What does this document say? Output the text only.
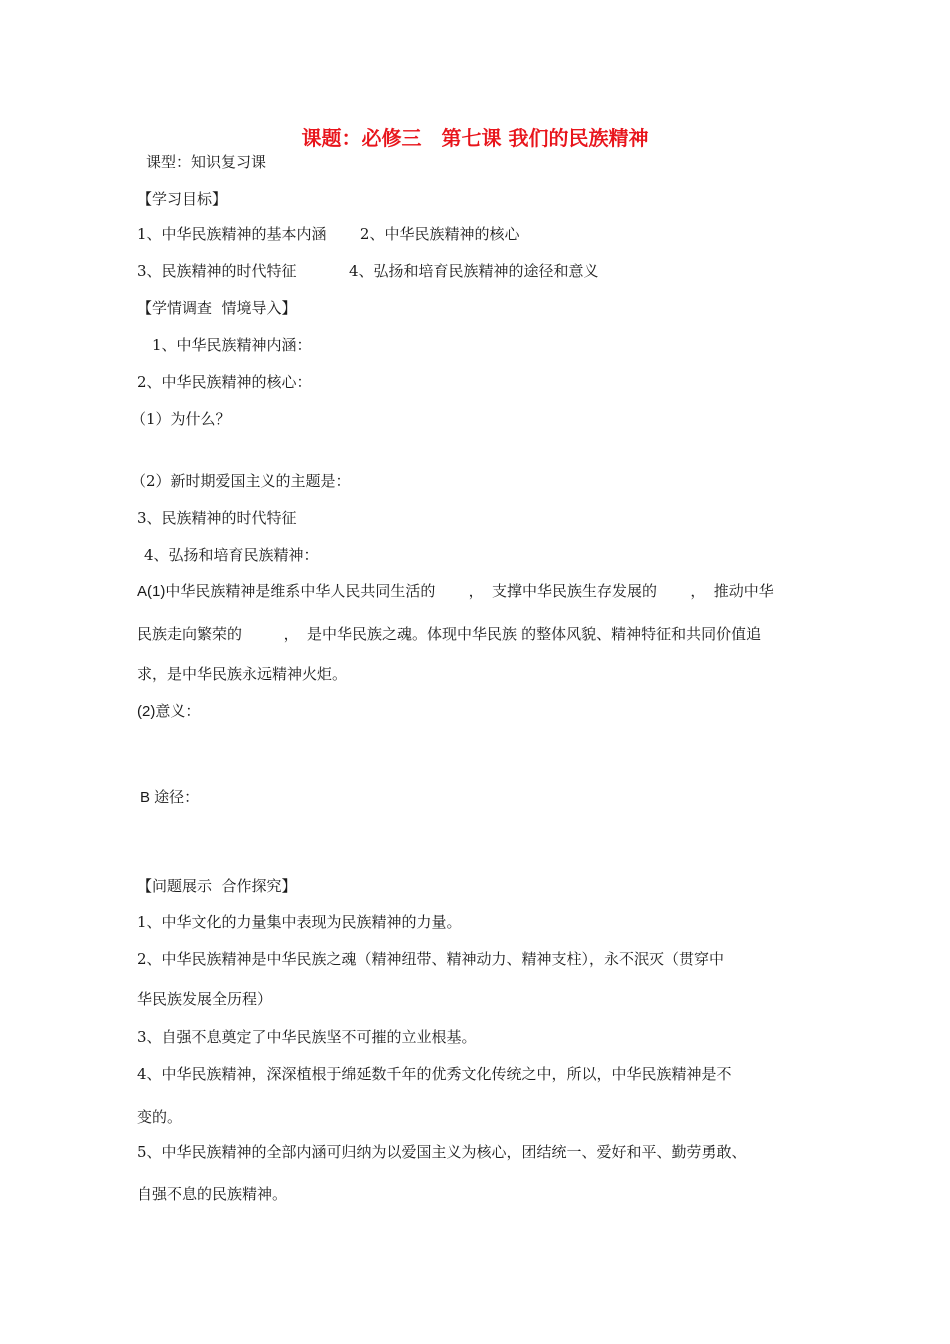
课题：必修三　第七课 我们的民族精神
课型：知识复习课
【学习目标】
1、中华民族精神的基本内涵       2、中华民族精神的核心
3、民族精神的时代特征           4、弘扬和培育民族精神的途径和意义
【学情调查  情境导入】
1、中华民族精神内涵：
2、中华民族精神的核心：
（1）为什么？
（2）新时期爱国主义的主题是：
3、民族精神的时代特征
4、弘扬和培育民族精神：
A(1)中华民族精神是维系中华人民共同生活的        ，  支撑中华民族生存发展的        ，  推动中华
民族走向繁荣的          ，  是中华民族之魂。体现中华民族 的整体风貌、精神特征和共同价值追
求，是中华民族永远精神火炬。
(2)意义：
B 途径：
【问题展示  合作探究】
1、中华文化的力量集中表现为民族精神的力量。
2、中华民族精神是中华民族之魂（精神纽带、精神动力、精神支柱），永不泯灭（贯穿中
华民族发展全历程）
3、自强不息奠定了中华民族坚不可摧的立业根基。
4、中华民族精神，深深植根于绵延数千年的优秀文化传统之中，所以，中华民族精神是不
变的。
5、中华民族精神的全部内涵可归纳为以爱国主义为核心，团结统一、爱好和平、勤劳勇敢、
自强不息的民族精神。
